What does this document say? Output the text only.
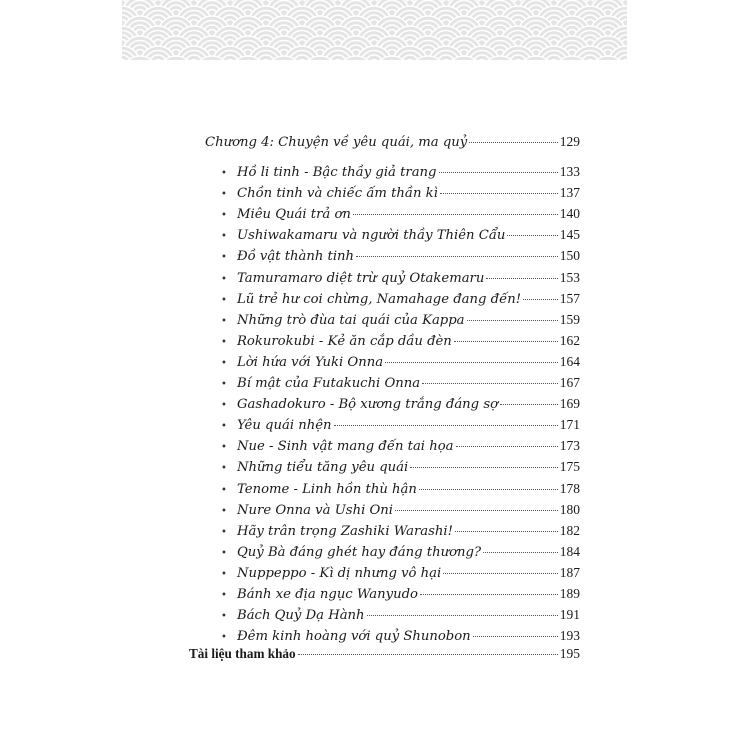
Chương 4: Chuyện về yêu quái, ma quỷ	129
• Hồ li tinh - Bậc thầy giả trang	133
• Chồn tinh và chiếc ấm thần kì	137
• Miêu Quái trả ơn	140
• Ushiwakamaru và người thầy Thiên Cẩu	145
• Đồ vật thành tinh	150
• Tamuramaro diệt trừ quỷ Otakemaru	153
• Lũ trẻ hư coi chừng, Namahage đang đến!	157
• Những trò đùa tai quái của Kappa	159
• Rokurokubi - Kẻ ăn cắp dầu đèn	162
• Lời hứa với Yuki Onna	164
• Bí mật của Futakuchi Onna	167
• Gashadokuro - Bộ xương trắng đáng sợ	169
• Yêu quái nhện	171
• Nue - Sinh vật mang đến tai họa	173
• Những tiểu tăng yêu quái	175
• Tenome - Linh hồn thù hận	178
• Nure Onna và Ushi Oni	180
• Hãy trân trọng Zashiki Warashi!	182
• Quỷ Bà đáng ghét hay đáng thương?	184
• Nuppeppo - Kì dị nhưng vô hại	187
• Bánh xe địa ngục Wanyudo	189
• Bách Quỷ Dạ Hành	191
• Đêm kinh hoàng với quỷ Shunobon	193
Tài liệu tham khảo	195
